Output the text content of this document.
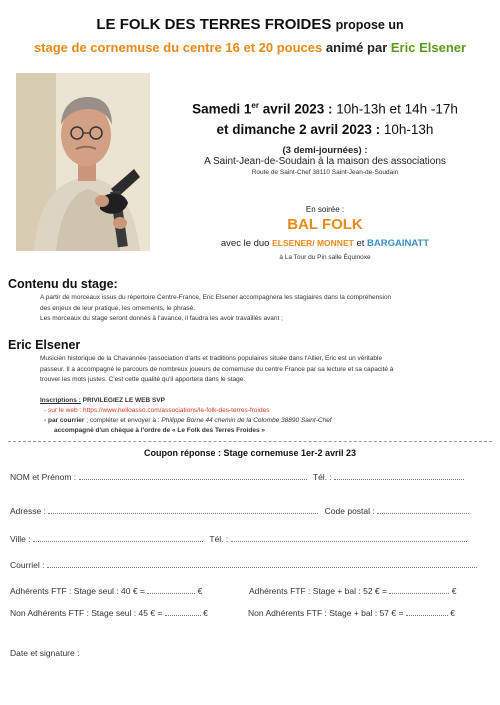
LE FOLK DES TERRES FROIDES propose un
stage de cornemuse du centre 16 et 20 pouces animé par Eric Elsener
Samedi 1er avril 2023 : 10h-13h et 14h -17h
et dimanche 2 avril 2023 : 10h-13h
(3 demi-journées) :
A Saint-Jean-de-Soudain à la maison des associations
Route de Saint-Chef 38110 Saint-Jean-de-Soudain
En soirée :
BAL FOLK
avec le duo ELSENER/ MONNET et BARGAINATT
à La Tour du Pin salle Équinoxe
Contenu du stage:
A partir de morceaux issus du répertoire Centre-France, Eric Elsener accompagnera les stagiaires dans la compréhension
des enjeux de leur pratique, les ornements, le phrasé.
Les morceaux du stage seront donnés à l'avance, il faudra les avoir travaillés avant ;
Eric Elsener
Musicien historique de la Chavannée (association d'arts et traditions populaires située dans l'Allier, Eric est un véritable
passeur. Il a accompagné le parcours de nombreux joueurs de cornemuse du centre France par sa lecture et sa capacité à
trouver les mots justes. C'est cette qualité qu'il apportera dans le stage.
Inscriptions : PRIVILEGIEZ LE WEB SVP
- sur le web : https://www.helloasso.com/associations/le-folk-des-terres-froides
- par courrier ; compléter et envoyer à : Philippe Borne 44 chemin de la Colombe 38890 Saint-Chef
accompagné d'un chèque à l'ordre de « Le Folk des Terres Froides »
Coupon réponse : Stage cornemuse 1er-2 avril 23
NOM et Prénom :	Tél. :
Adresse :	Code postal :
Ville :	Tél. :
Courriel :
Adhérents FTF : Stage seul : 40 € =	€	Adhérents FTF : Stage + bal : 52 € =	€
Non Adhérents FTF : Stage seul : 45 € =	€	Non Adhérents FTF : Stage + bal : 57 € =	€
Date et signature :
